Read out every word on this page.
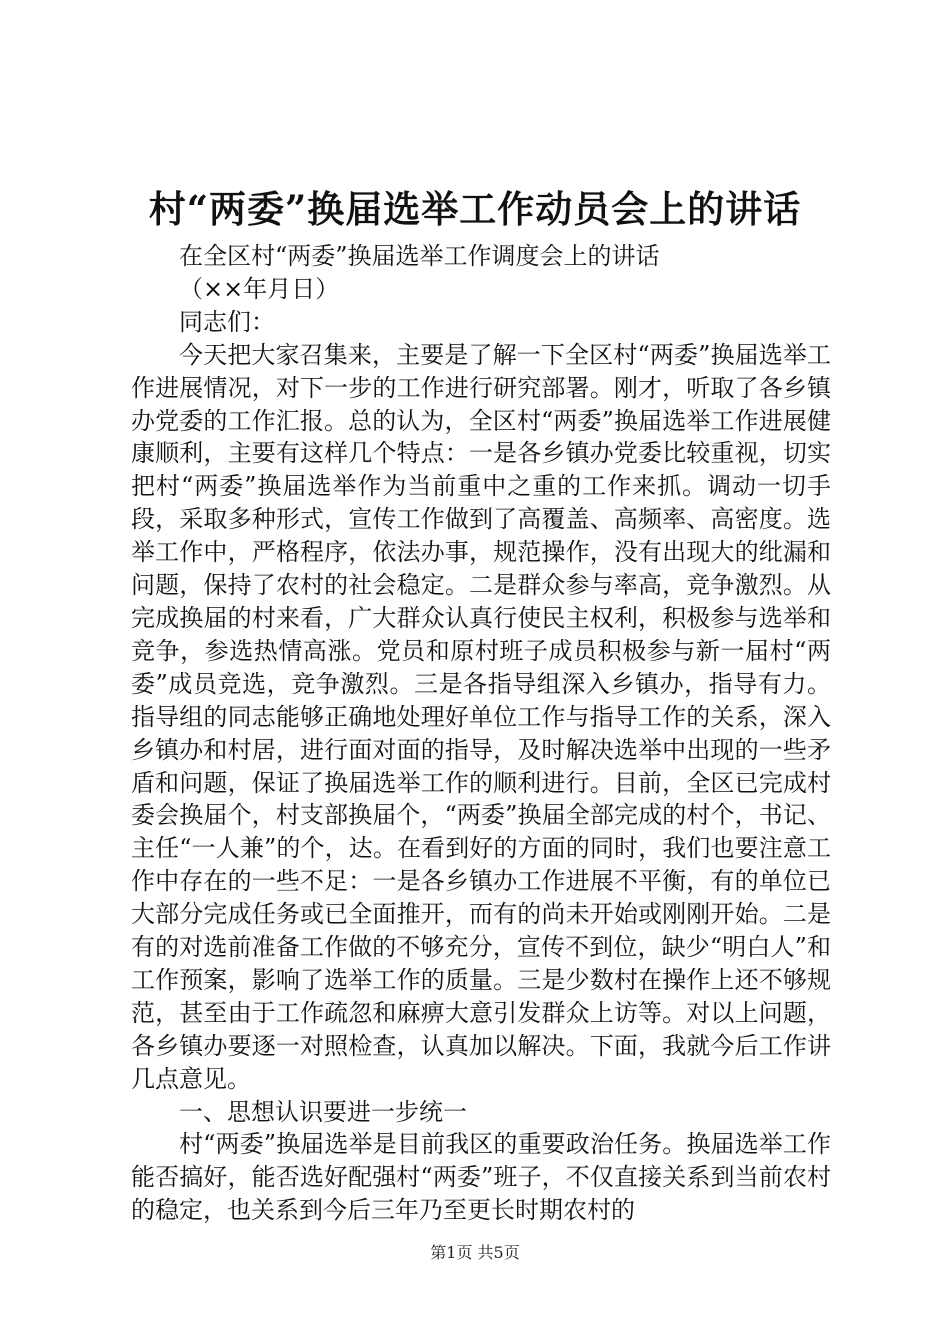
村“两委”换届选举工作动员会上的讲话
在全区村“两委”换届选举工作调度会上的讲话
（××年月日）
同志们：
今天把大家召集来，主要是了解一下全区村“两委”换届选举工作进展情况，对下一步的工作进行研究部署。刚才，听取了各乡镇办党委的工作汇报。总的认为，全区村“两委”换届选举工作进展健康顺利，主要有这样几个特点：一是各乡镇办党委比较重视，切实把村“两委”换届选举作为当前重中之重的工作来抓。调动一切手段，采取多种形式，宣传工作做到了高覆盖、高频率、高密度。选举工作中，严格程序，依法办事，规范操作，没有出现大的纰漏和问题，保持了农村的社会稳定。二是群众参与率高，竞争激烈。从完成换届的村来看，广大群众认真行使民主权利，积极参与选举和竞争，参选热情高涨。党员和原村班子成员积极参与新一届村“两委”成员竞选，竞争激烈。三是各指导组深入乡镇办，指导有力。指导组的同志能够正确地处理好单位工作与指导工作的关系，深入乡镇办和村居，进行面对面的指导，及时解决选举中出现的一些矛盾和问题，保证了换届选举工作的顺利进行。目前，全区已完成村委会换届个，村支部换届个，“两委”换届全部完成的村个，书记、主任“一人兼”的个，达。在看到好的方面的同时，我们也要注意工作中存在的一些不足：一是各乡镇办工作进展不平衡，有的单位已大部分完成任务或已全面推开，而有的尚未开始或刚刚开始。二是有的对选前准备工作做的不够充分，宣传不到位，缺少“明白人”和工作预案，影响了选举工作的质量。三是少数村在操作上还不够规范，甚至由于工作疏忽和麻痹大意引发群众上访等。对以上问题，各乡镇办要逐一对照检查，认真加以解决。下面，我就今后工作讲几点意见。
一、思想认识要进一步统一
村“两委”换届选举是目前我区的重要政治任务。换届选举工作能否搞好，能否选好配强村“两委”班子，不仅直接关系到当前农村的稳定，也关系到今后三年乃至更长时期农村的
第1页 共5页
